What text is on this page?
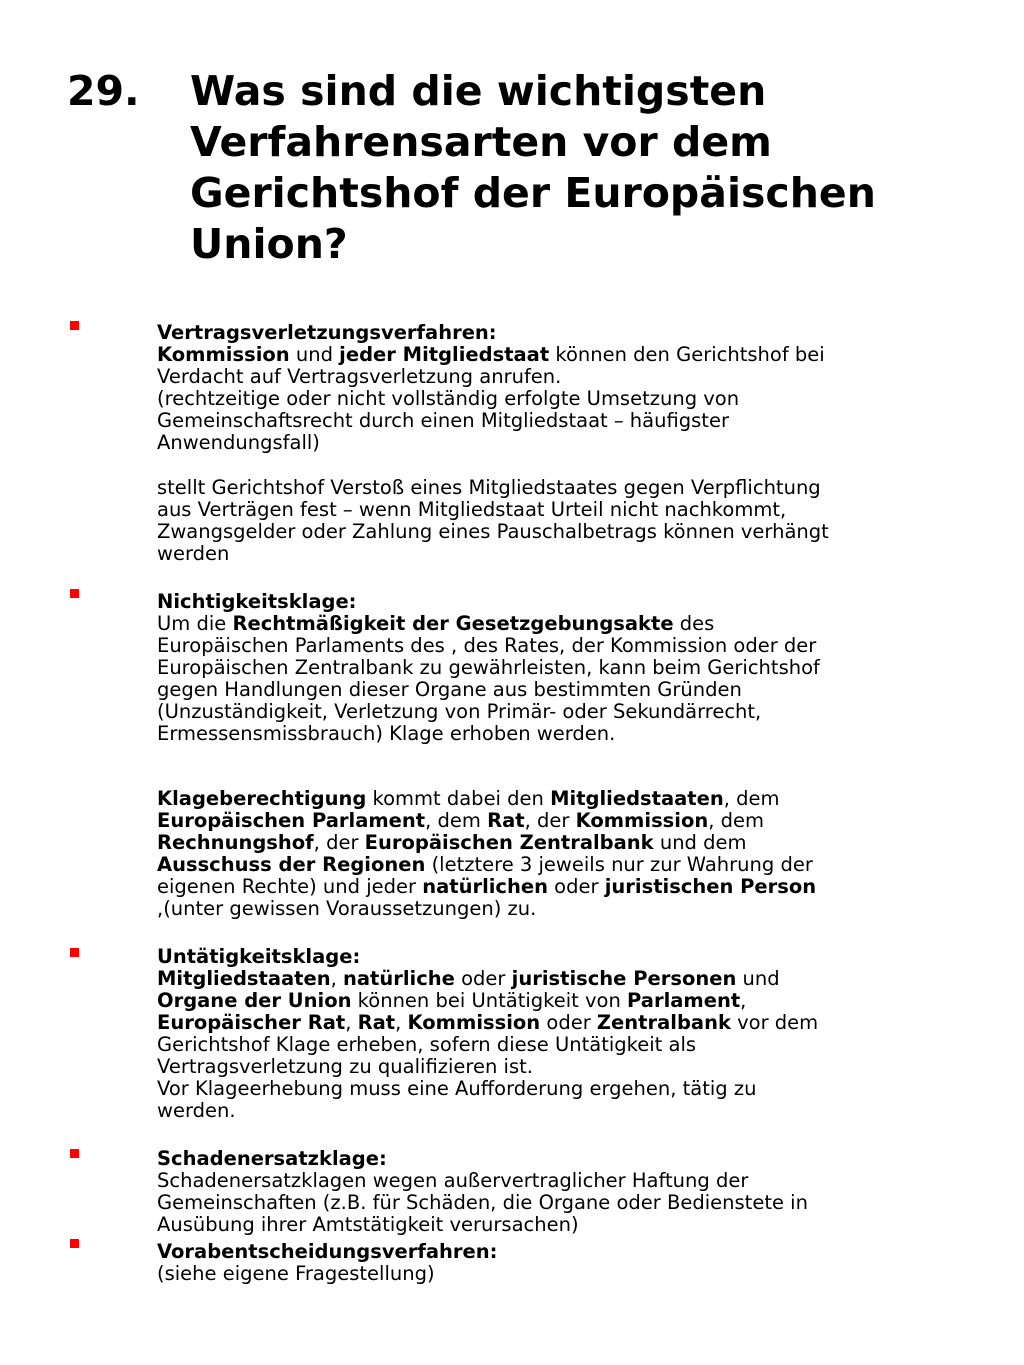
29. Was sind die wichtigsten
Verfahrensarten vor dem
Gerichtshof der Europäischen
Union?
Vertragsverletzungsverfahren:
Kommission und jeder Mitgliedstaat können den Gerichtshof bei
Verdacht auf Vertragsverletzung anrufen.
(rechtzeitige oder nicht vollständig erfolgte Umsetzung von
Gemeinschaftsrecht durch einen Mitgliedstaat – häufigster
Anwendungsfall)
stellt Gerichtshof Verstoß eines Mitgliedstaates gegen Verpflichtung
aus Verträgen fest – wenn Mitgliedstaat Urteil nicht nachkommt,
Zwangsgelder oder Zahlung eines Pauschalbetrags können verhängt
werden
Nichtigkeitsklage:
Um die Rechtmäßigkeit der Gesetzgebungsakte des
Europäischen Parlaments des , des Rates, der Kommission oder der
Europäischen Zentralbank zu gewährleisten, kann beim Gerichtshof
gegen Handlungen dieser Organe aus bestimmten Gründen
(Unzuständigkeit, Verletzung von Primär- oder Sekundärrecht,
Ermessensmissbrauch) Klage erhoben werden.
Klageberechtigung kommt dabei den Mitgliedstaaten, dem
Europäischen Parlament, dem Rat, der Kommission, dem
Rechnungshof, der Europäischen Zentralbank und dem
Ausschuss der Regionen (letztere 3 jeweils nur zur Wahrung der
eigenen Rechte) und jeder natürlichen oder juristischen Person
,(unter gewissen Voraussetzungen) zu.
Untätigkeitsklage:
Mitgliedstaaten, natürliche oder juristische Personen und
Organe der Union können bei Untätigkeit von Parlament,
Europäischer Rat, Rat, Kommission oder Zentralbank vor dem
Gerichtshof Klage erheben, sofern diese Untätigkeit als
Vertragsverletzung zu qualifizieren ist.
Vor Klageerhebung muss eine Aufforderung ergehen, tätig zu
werden.
Schadenersatzklage:
Schadenersatzklagen wegen außervertraglicher Haftung der
Gemeinschaften (z.B. für Schäden, die Organe oder Bedienstete in
Ausübung ihrer Amtstätigkeit verursachen)
Vorabentscheidungsverfahren:
(siehe eigene Fragestellung)
